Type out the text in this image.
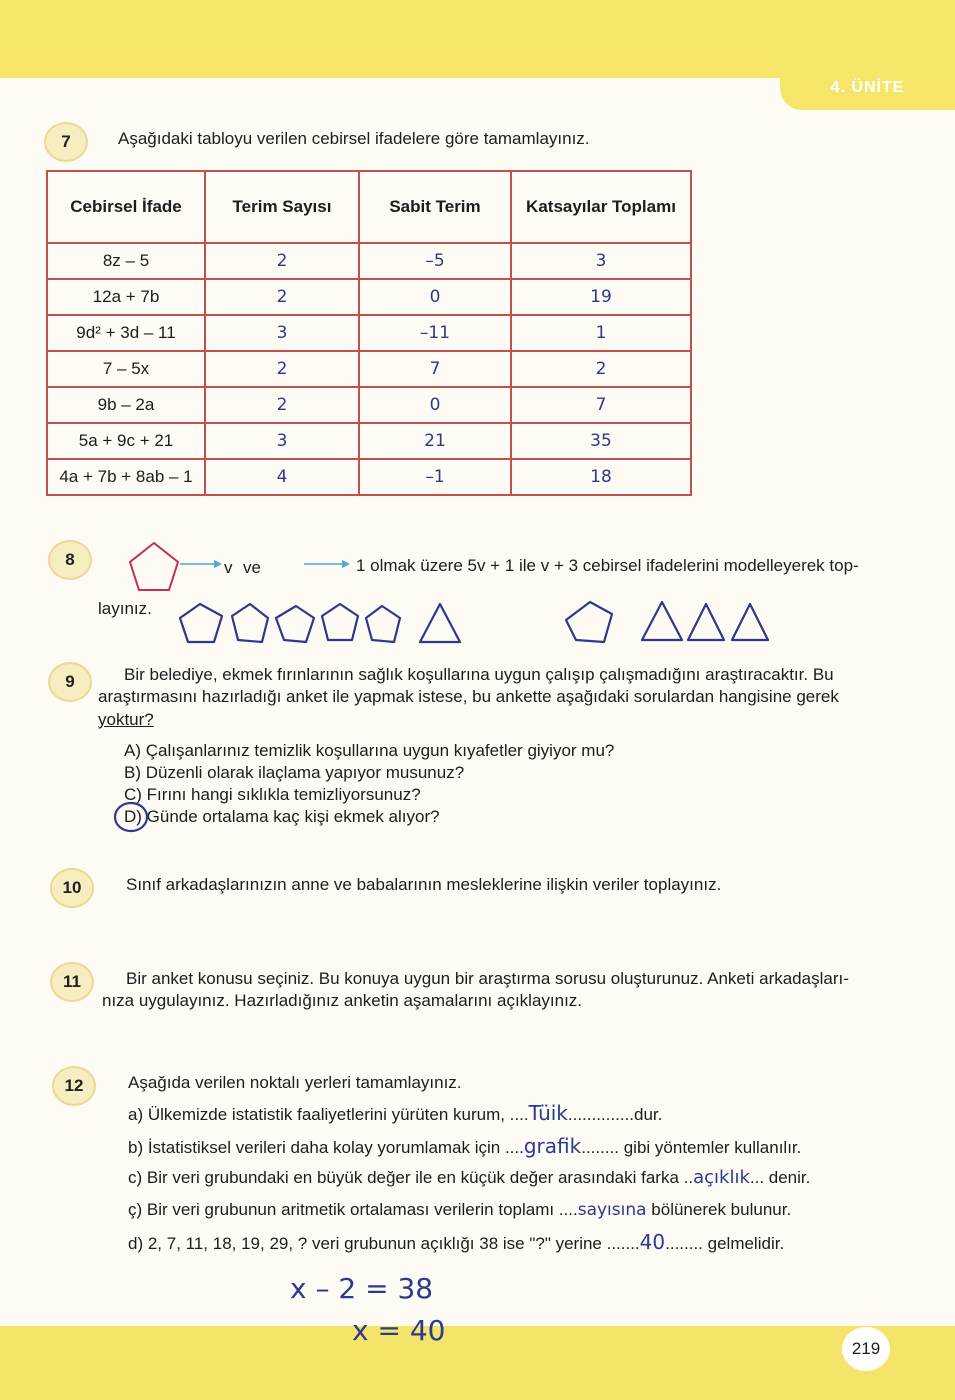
4. ÜNİTE
7	Aşağıdaki tabloyu verilen cebirsel ifadelere göre tamamlayınız.
Cebirsel İfade	Terim Sayısı	Sabit Terim	Katsayılar Toplamı
8z – 5	2	–5	3
12a + 7b	2	0	19
9d² + 3d – 11	3	–11	1
7 – 5x	2	7	2
9b – 2a	2	0	7
5a + 9c + 21	3	21	35
4a + 7b + 8ab – 1	4	–1	18
8	v ve	1 olmak üzere 5v + 1 ile v + 3 cebirsel ifadelerini modelleyerek top-
layınız.
9	Bir belediye, ekmek fırınlarının sağlık koşullarına uygun çalışıp çalışmadığını araştıracaktır. Bu
araştırmasını hazırladığı anket ile yapmak istese, bu ankette aşağıdaki sorulardan hangisine gerek
yoktur?
A) Çalışanlarınız temizlik koşullarına uygun kıyafetler giyiyor mu?
B) Düzenli olarak ilaçlama yapıyor musunuz?
C) Fırını hangi sıklıkla temizliyorsunuz?
D) Günde ortalama kaç kişi ekmek alıyor?
10	Sınıf arkadaşlarınızın anne ve babalarının mesleklerine ilişkin veriler toplayınız.
11	Bir anket konusu seçiniz. Bu konuya uygun bir araştırma sorusu oluşturunuz. Anketi arkadaşları-
nıza uygulayınız. Hazırladığınız anketin aşamalarını açıklayınız.
12	Aşağıda verilen noktalı yerleri tamamlayınız.
a) Ülkemizde istatistik faaliyetlerini yürüten kurum, ....Tüik..............dur.
b) İstatistiksel verileri daha kolay yorumlamak için ....grafik........ gibi yöntemler kullanılır.
c) Bir veri grubundaki en büyük değer ile en küçük değer arasındaki farka ..açıklık... denir.
ç) Bir veri grubunun aritmetik ortalaması verilerin toplamı ....sayısına bölünerek bulunur.
d) 2, 7, 11, 18, 19, 29, ? veri grubunun açıklığı 38 ise "?" yerine .......40........ gelmelidir.
x – 2 = 38
x = 40
219
